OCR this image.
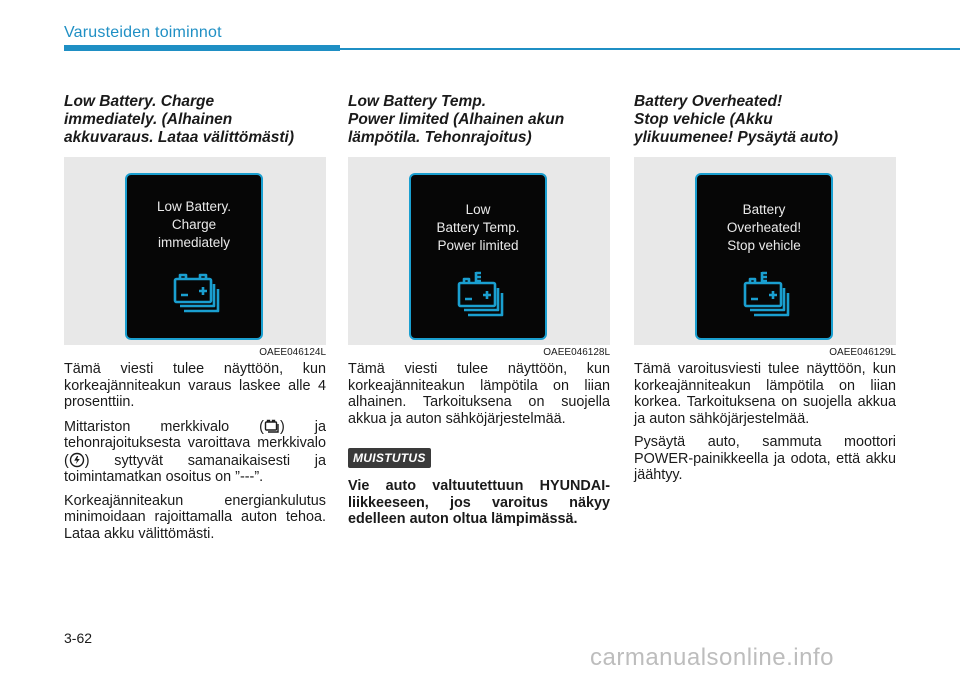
Varusteiden toiminnot
Low Battery. Charge
immediately. (Alhainen
akkuvaraus. Lataa välittömästi)
Low Battery.
Charge
immediately
OAEE046124L

Tämä viesti tulee näyttöön, kun korkeajänniteakun varaus laskee alle 4 prosenttiin.

Mittariston merkkivalo ( ) ja tehonrajoituksesta varoittava merkkivalo ( ) syttyvät samanaikaisesti ja toimintamatkan osoitus on ”---”.

Korkeajänniteakun energiankulutus minimoidaan rajoittamalla auton tehoa. Lataa akku välittömästi.

Low Battery Temp.
Power limited (Alhainen akun
lämpötila. Tehonrajoitus)
Low
Battery Temp.
Power limited
OAEE046128L

Tämä viesti tulee näyttöön, kun korkeajänniteakun lämpötila on liian alhainen. Tarkoituksena on suojella akkua ja auton sähköjärjestelmää.

MUISTUTUS

Vie auto valtuutettuun HYUNDAI-liikkeeseen, jos varoitus näkyy edelleen auton oltua lämpimässä.

Battery Overheated!
Stop vehicle (Akku
ylikuumenee! Pysäytä auto)
Battery
Overheated!
Stop vehicle
OAEE046129L

Tämä varoitusviesti tulee näyttöön, kun korkeajänniteakun lämpötila on liian korkea. Tarkoituksena on suojella akkua ja auton sähköjärjestelmää.

Pysäytä auto, sammuta moottori POWER-painikkeella ja odota, että akku jäähtyy.

3-62
carmanualsonline.info
